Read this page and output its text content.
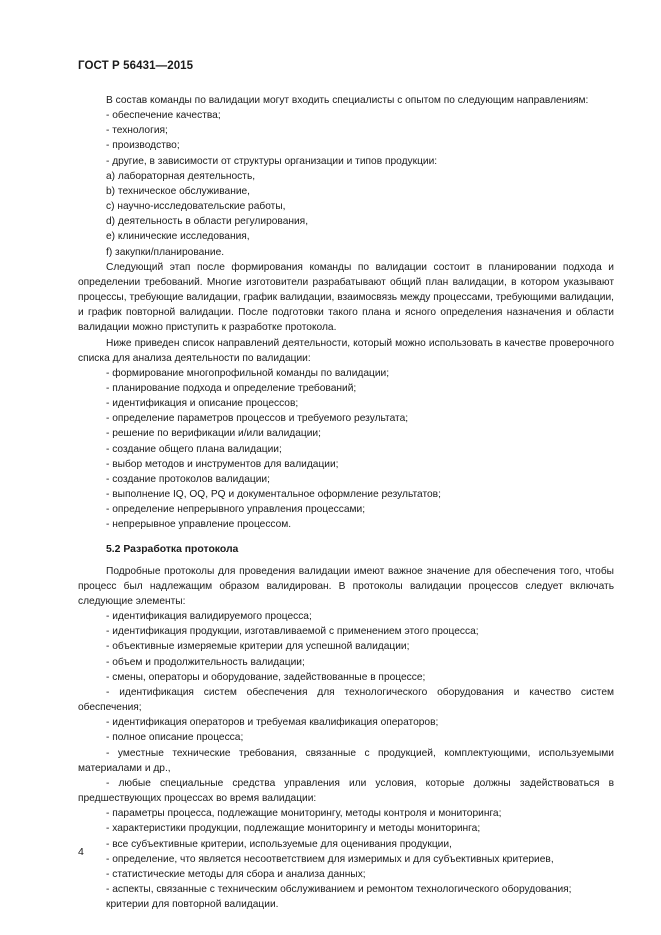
ГОСТ Р 56431—2015

В состав команды по валидации могут входить специалисты с опытом по следующим направлениям:

- обеспечение качества;

- технология;

- производство;

- другие, в зависимости от структуры организации и типов продукции:

a) лабораторная деятельность,

b) техническое обслуживание,

c) научно-исследовательские работы,

d) деятельность в области регулирования,

e) клинические исследования,

f) закупки/планирование.

Следующий этап после формирования команды по валидации состоит в планировании подхода и определении требований. Многие изготовители разрабатывают общий план валидации, в котором указывают процессы, требующие валидации, график валидации, взаимосвязь между процессами, требующими валидации, и график повторной валидации. После подготовки такого плана и ясного определения назначения и области валидации можно приступить к разработке протокола.

Ниже приведен список направлений деятельности, который можно использовать в качестве проверочного списка для анализа деятельности по валидации:

- формирование многопрофильной команды по валидации;

- планирование подхода и определение требований;

- идентификация и описание процессов;

- определение параметров процессов и требуемого результата;

- решение по верификации и/или валидации;

- создание общего плана валидации;

- выбор методов и инструментов для валидации;

- создание протоколов валидации;

- выполнение IQ, OQ, PQ и документальное оформление результатов;

- определение непрерывного управления процессами;

- непрерывное управление процессом.

5.2 Разработка протокола

Подробные протоколы для проведения валидации имеют важное значение для обеспечения того, чтобы процесс был надлежащим образом валидирован. В протоколы валидации процессов следует включать следующие элементы:

- идентификация валидируемого процесса;

- идентификация продукции, изготавливаемой с применением этого процесса;

- объективные измеряемые критерии для успешной валидации;

- объем и продолжительность валидации;

- смены, операторы и оборудование, задействованные в процессе;

- идентификация систем обеспечения для технологического оборудования и качество систем обеспечения;

- идентификация операторов и требуемая квалификация операторов;

- полное описание процесса;

- уместные технические требования, связанные с продукцией, комплектующими, используемыми материалами и др.,

- любые специальные средства управления или условия, которые должны задействоваться в предшествующих процессах во время валидации:

- параметры процесса, подлежащие мониторингу, методы контроля и мониторинга;

- характеристики продукции, подлежащие мониторингу и методы мониторинга;

- все субъективные критерии, используемые для оценивания продукции,

- определение, что является несоответствием для измеримых и для субъективных критериев,

- статистические методы для сбора и анализа данных;

- аспекты, связанные с техническим обслуживанием и ремонтом технологического оборудования;

критерии для повторной валидации.

4
